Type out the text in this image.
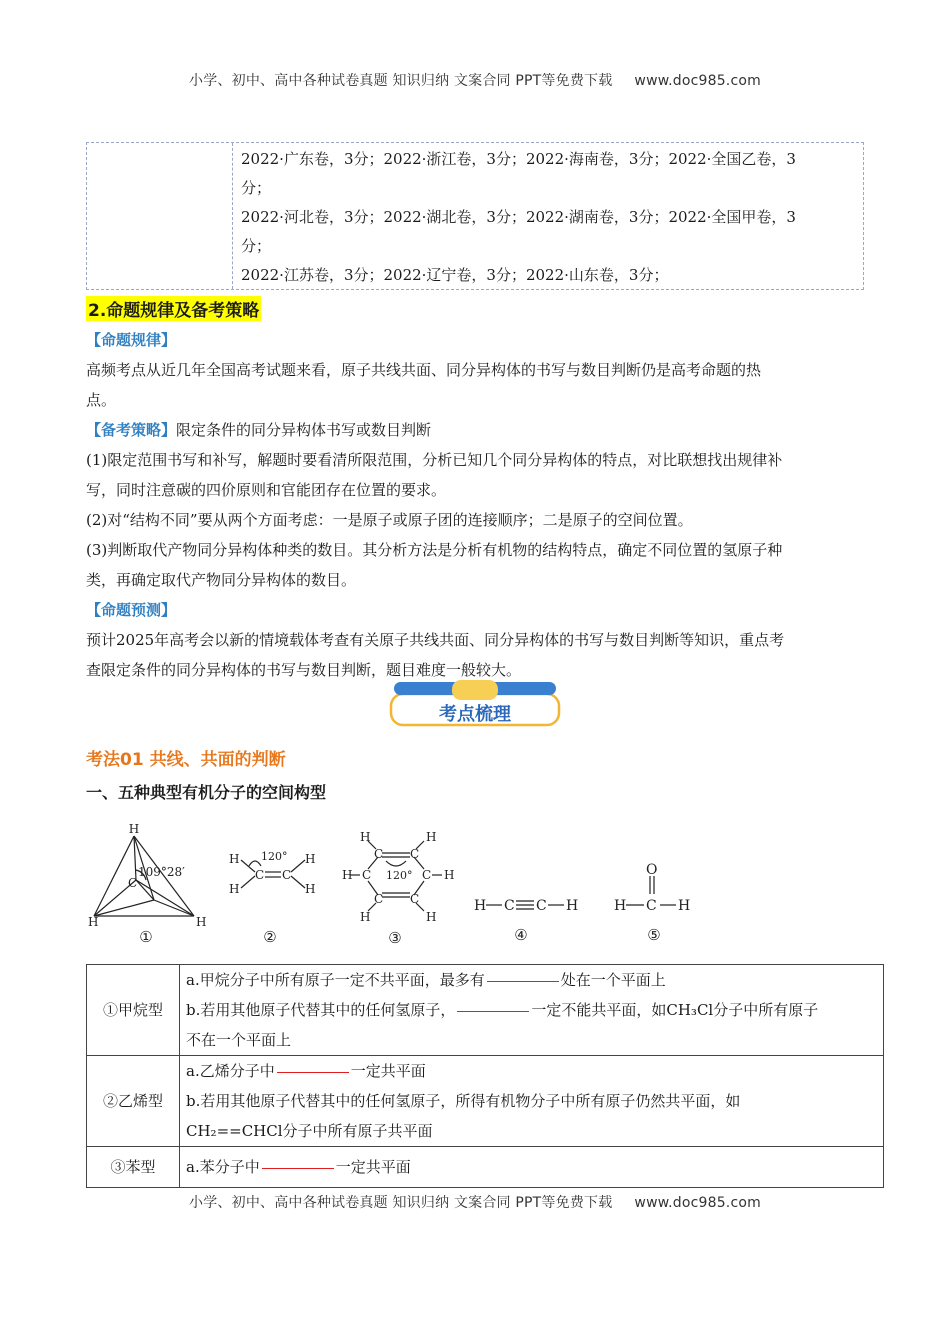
小学、初中、高中各种试卷真题 知识归纳 文案合同 PPT等免费下载 www.doc985.com

2022·广东卷，3分；2022·浙江卷，3分；2022·海南卷，3分；2022·全国乙卷，3

分；

2022·河北卷，3分；2022·湖北卷，3分；2022·湖南卷，3分；2022·全国甲卷，3

分；

2022·江苏卷，3分；2022·辽宁卷，3分；2022·山东卷，3分；

2.命题规律及备考策略

【命题规律】

高频考点从近几年全国高考试题来看，原子共线共面、同分异构体的书写与数目判断仍是高考命题的热

点。

【备考策略】限定条件的同分异构体书写或数目判断

(1)限定范围书写和补写，解题时要看清所限范围，分析已知几个同分异构体的特点，对比联想找出规律补

写，同时注意碳的四价原则和官能团存在位置的要求。

(2)对“结构不同”要从两个方面考虑：一是原子或原子团的连接顺序；二是原子的空间位置。

(3)判断取代产物同分异构体种类的数目。其分析方法是分析有机物的结构特点，确定不同位置的氢原子种

类，再确定取代产物同分异构体的数目。

【命题预测】

预计2025年高考会以新的情境载体考查有关原子共线共面、同分异构体的书写与数目判断等知识，重点考

查限定条件的同分异构体的书写与数目判断，题目难度一般较大。

考点梳理
考法01 共线、共面的判断
一、五种典型有机分子的空间构型
H
C
H	H
109°28′
①
H
H
C C
H
H
120°
②
H	H
H	H
H	H
C C
C	C
C C
120°
③
H C C H
④
O
H C H
⑤
①甲烷型	a.甲烷分子中所有原子一定不共平面，最多有 处在一个平面上

b.若用其他原子代替其中的任何氢原子， 一定不能共平面，如CH₃Cl分子中所有原子

不在一个平面上

②乙烯型	a.乙烯分子中 一定共平面

b.若用其他原子代替其中的任何氢原子，所得有机物分子中所有原子仍然共平面，如

CH₂==CHCl分子中所有原子共平面

③苯型	a.苯分子中 一定共平面

小学、初中、高中各种试卷真题 知识归纳 文案合同 PPT等免费下载 www.doc985.com
